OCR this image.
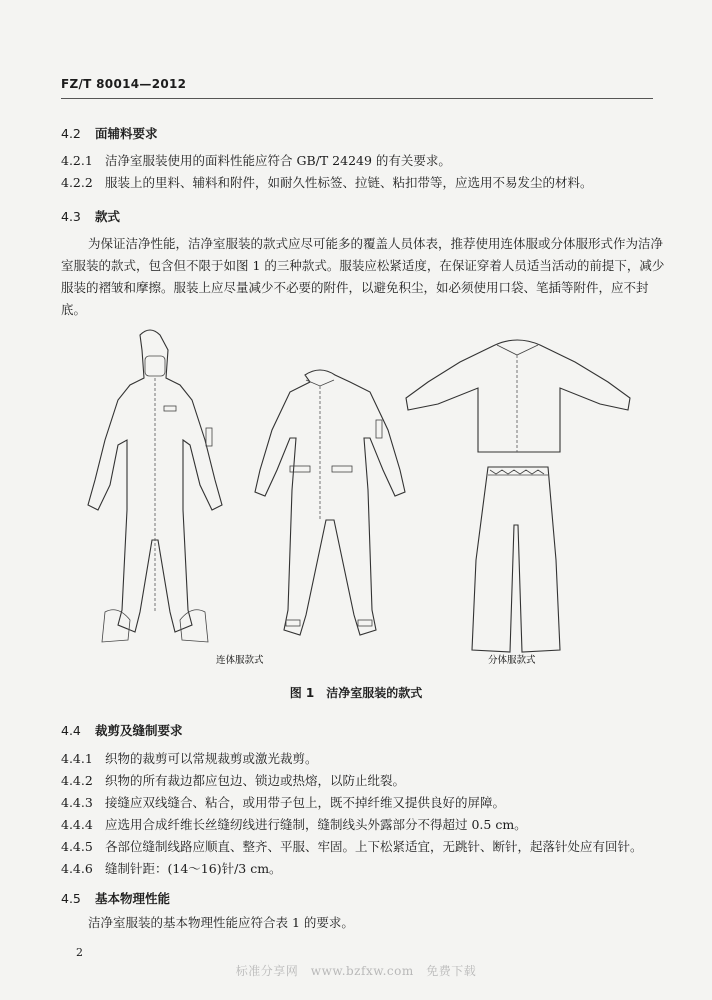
FZ/T 80014—2012
4.2 面辅料要求
4.2.1 洁净室服装使用的面料性能应符合 GB/T 24249 的有关要求。
4.2.2 服装上的里料、辅料和附件，如耐久性标签、拉链、粘扣带等，应选用不易发尘的材料。
4.3 款式
为保证洁净性能，洁净室服装的款式应尽可能多的覆盖人员体表，推荐使用连体服或分体服形式作为洁净室服装的款式，包含但不限于如图 1 的三种款式。服装应松紧适度，在保证穿着人员适当活动的前提下，减少服装的褶皱和摩擦。服装上应尽量减少不必要的附件，以避免积尘，如必须使用口袋、笔插等附件，应不封底。
连体服款式	分体服款式
图 1　洁净室服装的款式
4.4 裁剪及缝制要求
4.4.1 织物的裁剪可以常规裁剪或激光裁剪。
4.4.2 织物的所有裁边都应包边、锁边或热熔，以防止纰裂。
4.4.3 接缝应双线缝合、粘合，或用带子包上，既不掉纤维又提供良好的屏障。
4.4.4 应选用合成纤维长丝缝纫线进行缝制，缝制线头外露部分不得超过 0.5 cm。
4.4.5 各部位缝制线路应顺直、整齐、平服、牢固。上下松紧适宜，无跳针、断针，起落针处应有回针。
4.4.6 缝制针距：(14～16)针/3 cm。
4.5 基本物理性能
洁净室服装的基本物理性能应符合表 1 的要求。
2
标准分享网　www.bzfxw.com　免费下载
